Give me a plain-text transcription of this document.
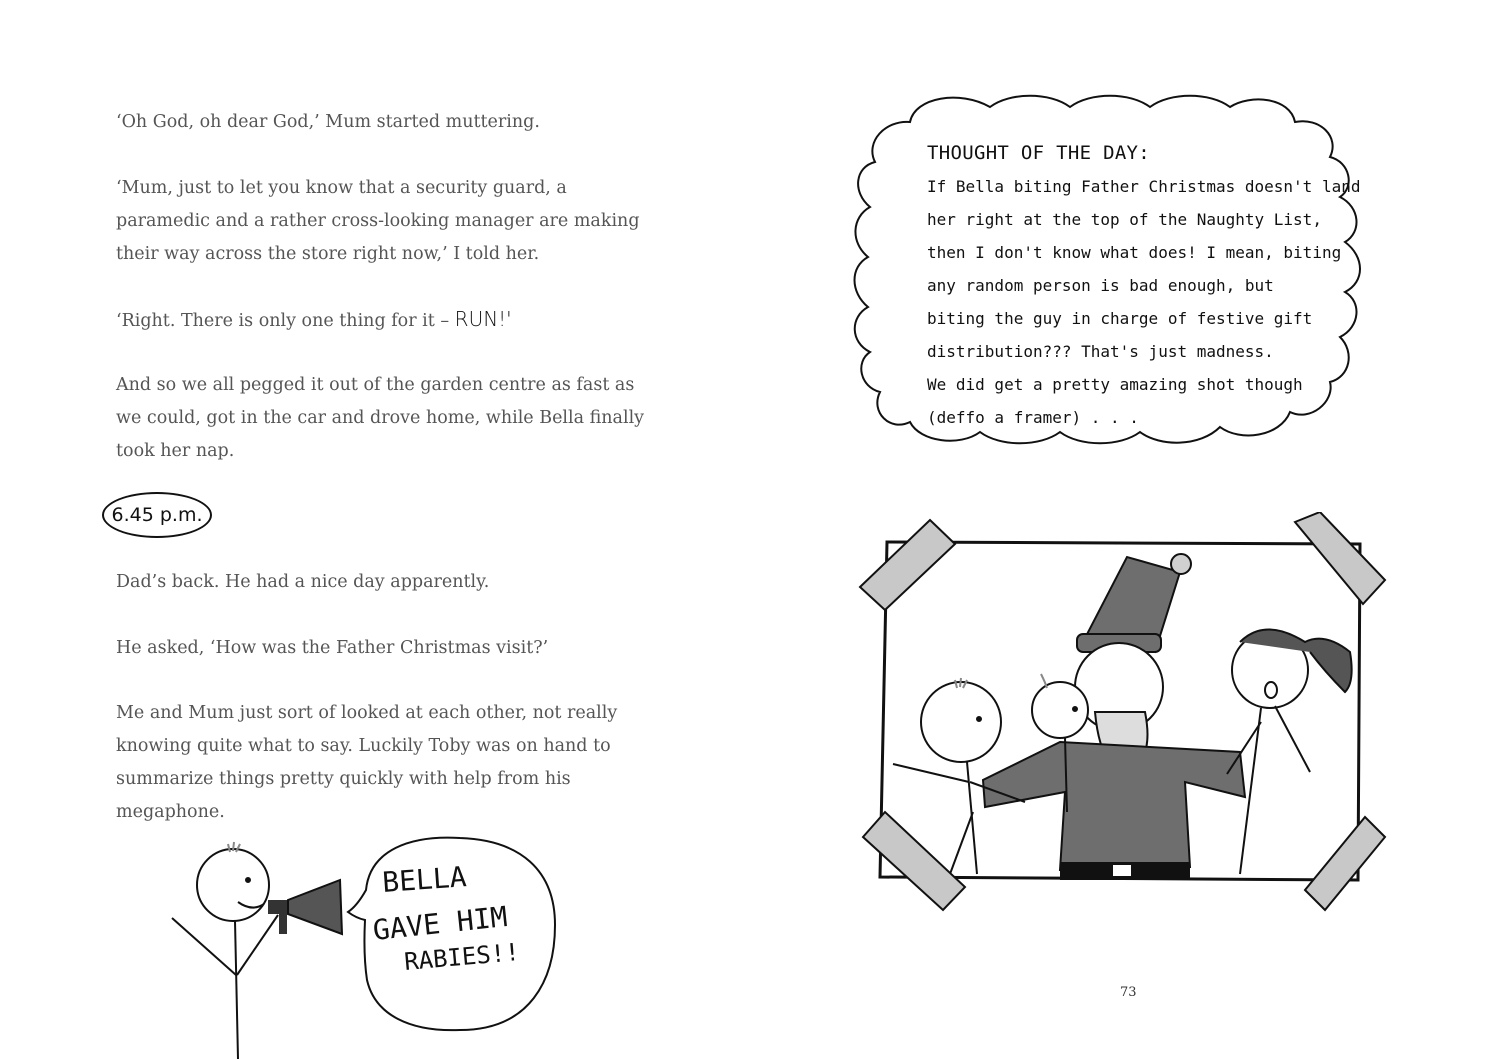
‘Oh God, oh dear God,’ Mum started muttering.

‘Mum, just to let you know that a security guard, a paramedic and a rather cross-looking manager are making their way across the store right now,’ I told her.

‘Right. There is only one thing for it – RUN!'

And so we all pegged it out of the garden centre as fast as we could, got in the car and drove home, while Bella finally took her nap.

6.45 p.m.

Dad’s back. He had a nice day apparently.

He asked, ‘How was the Father Christmas visit?’

Me and Mum just sort of looked at each other, not really knowing quite what to say. Luckily Toby was on hand to summarize things pretty quickly with help from his megaphone.

BELLA
GAVE HIM
RABIES!!

THOUGHT OF THE DAY:

If Bella biting Father Christmas doesn't land

her right at the top of the Naughty List,

then I don't know what does! I mean, biting

any random person is bad enough, but

biting the guy in charge of festive gift

distribution??? That's just madness.

We did get a pretty amazing shot though

(deffo a framer) . . .

73
